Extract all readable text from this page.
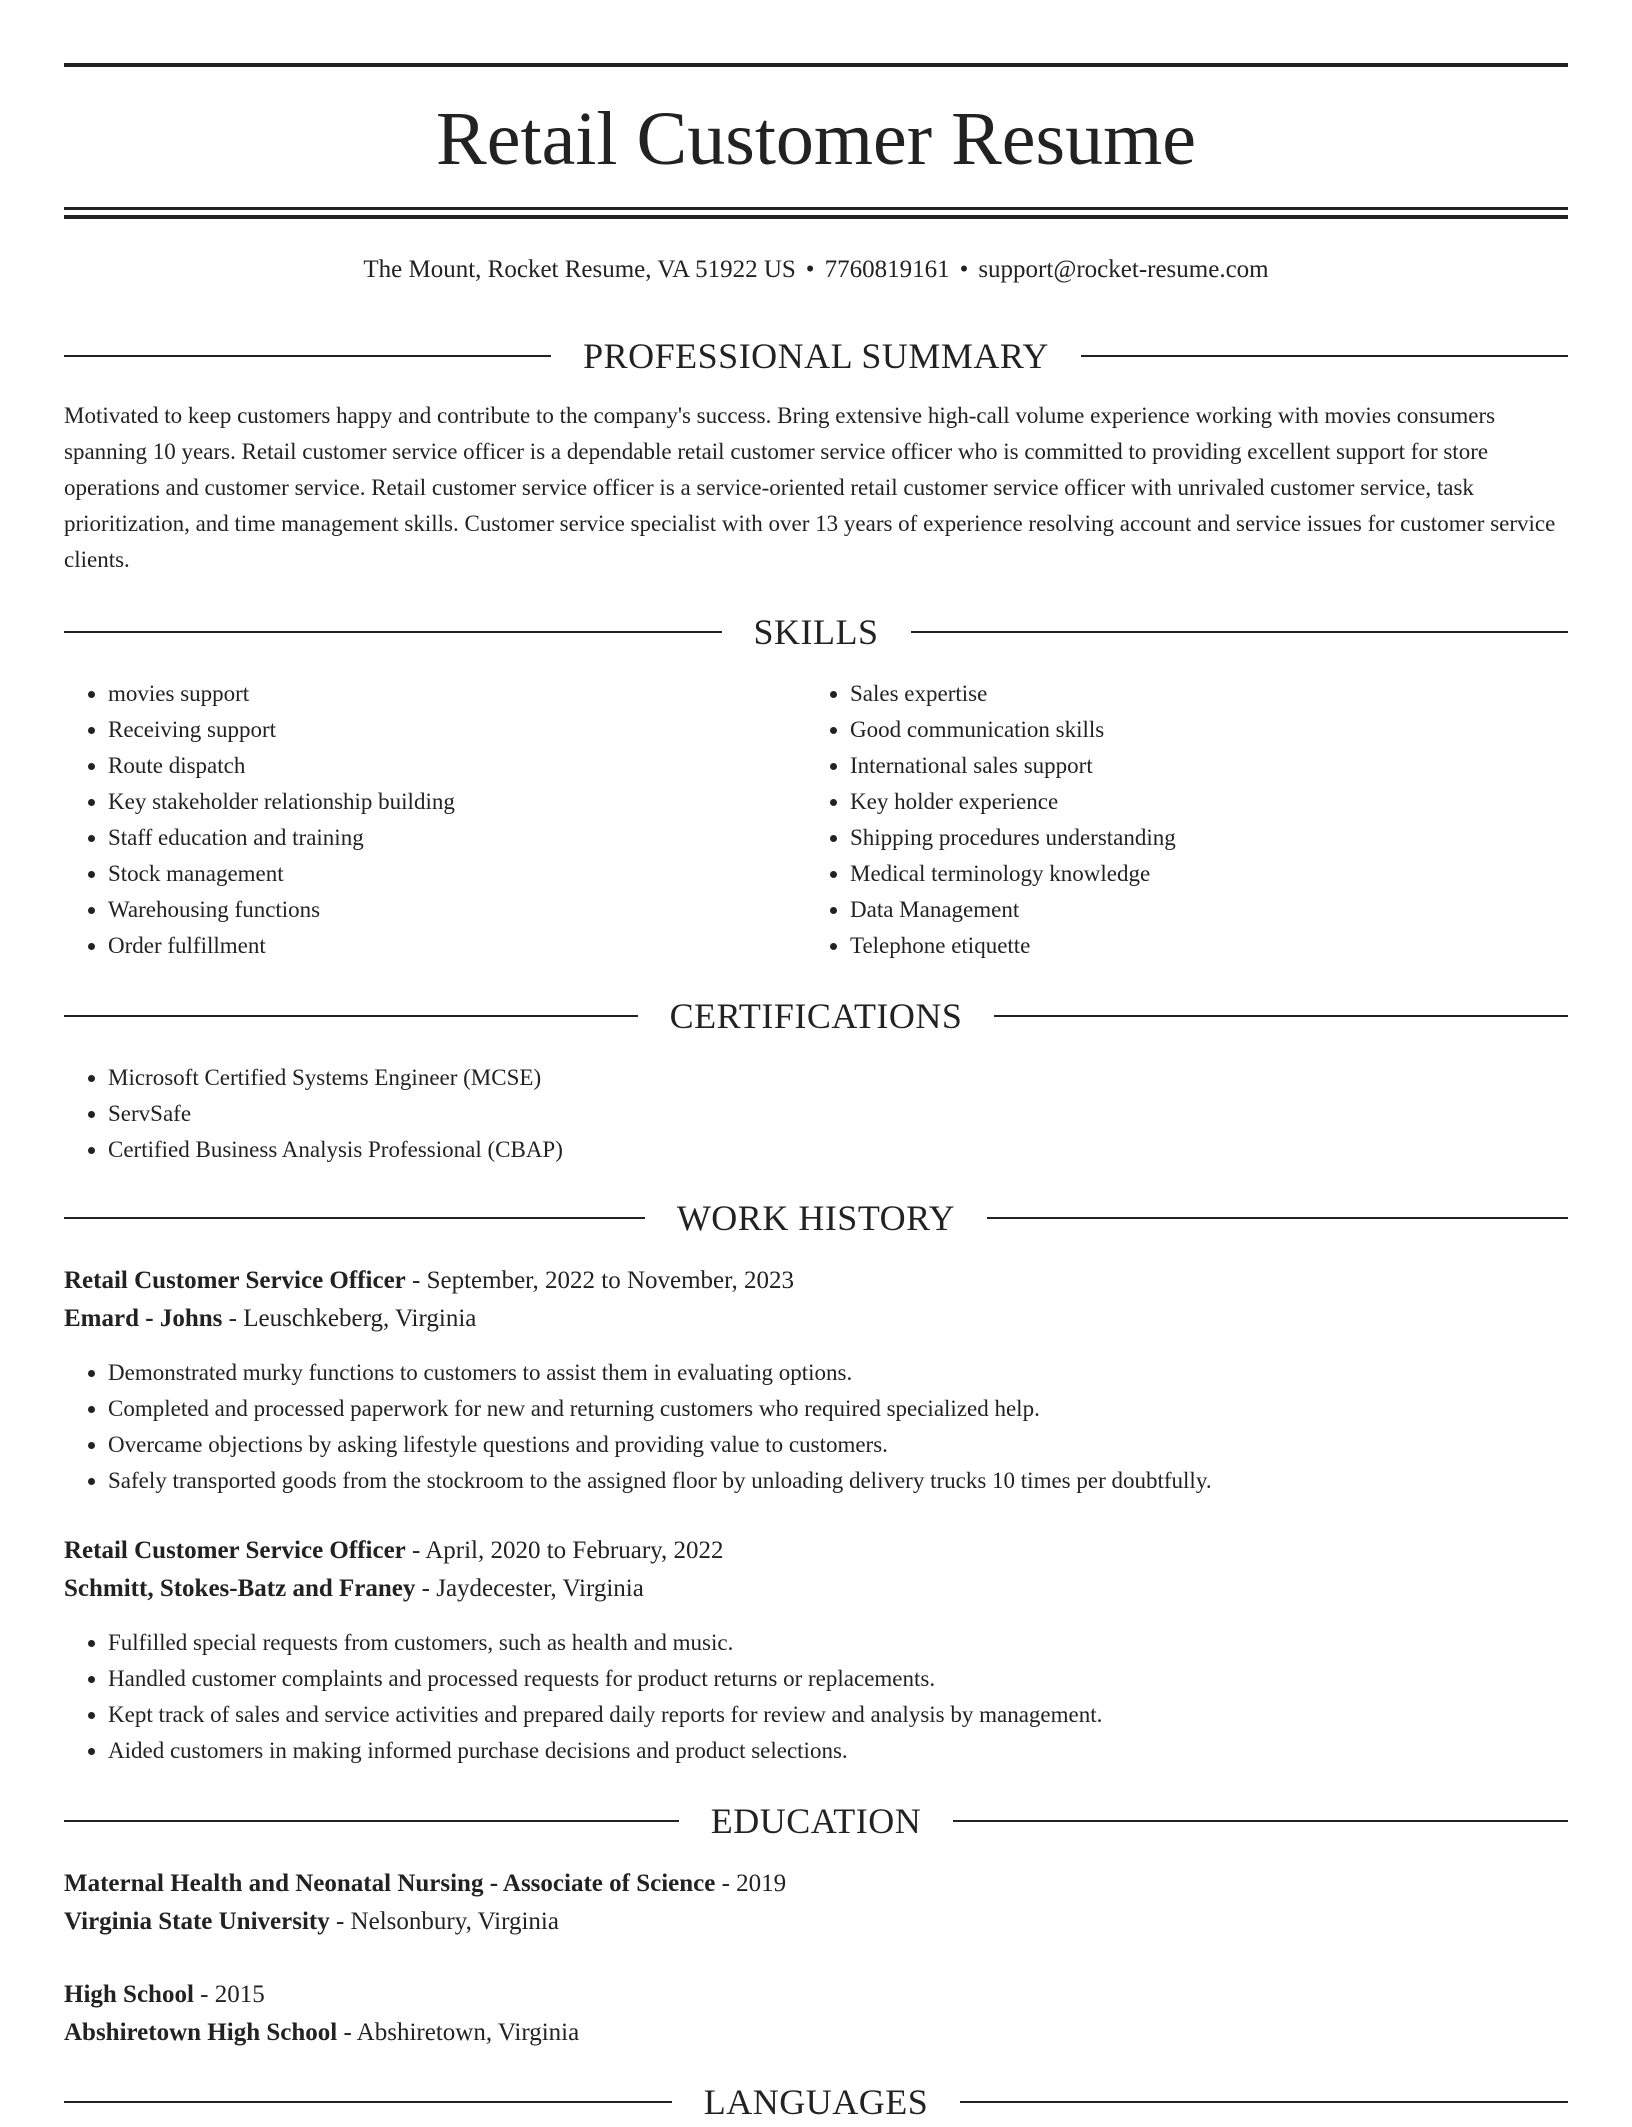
Retail Customer Resume
The Mount, Rocket Resume, VA 51922 US • 7760819161 • support@rocket-resume.com
PROFESSIONAL SUMMARY

Motivated to keep customers happy and contribute to the company's success. Bring extensive high-call volume experience working with movies consumers spanning 10 years. Retail customer service officer is a dependable retail customer service officer who is committed to providing excellent support for store operations and customer service. Retail customer service officer is a service-oriented retail customer service officer with unrivaled customer service, task prioritization, and time management skills. Customer service specialist with over 13 years of experience resolving account and service issues for customer service clients.

SKILLS
• movies support
• Receiving support
• Route dispatch
• Key stakeholder relationship building
• Staff education and training
• Stock management
• Warehousing functions
• Order fulfillment
• Sales expertise
• Good communication skills
• International sales support
• Key holder experience
• Shipping procedures understanding
• Medical terminology knowledge
• Data Management
• Telephone etiquette
CERTIFICATIONS
• Microsoft Certified Systems Engineer (MCSE)
• ServSafe
• Certified Business Analysis Professional (CBAP)
WORK HISTORY
Retail Customer Service Officer - September, 2022 to November, 2023
Emard - Johns - Leuschkeberg, Virginia
• Demonstrated murky functions to customers to assist them in evaluating options.
• Completed and processed paperwork for new and returning customers who required specialized help.
• Overcame objections by asking lifestyle questions and providing value to customers.
• Safely transported goods from the stockroom to the assigned floor by unloading delivery trucks 10 times per doubtfully.
Retail Customer Service Officer - April, 2020 to February, 2022
Schmitt, Stokes-Batz and Franey - Jaydecester, Virginia
• Fulfilled special requests from customers, such as health and music.
• Handled customer complaints and processed requests for product returns or replacements.
• Kept track of sales and service activities and prepared daily reports for review and analysis by management.
• Aided customers in making informed purchase decisions and product selections.
EDUCATION
Maternal Health and Neonatal Nursing - Associate of Science - 2019
Virginia State University - Nelsonbury, Virginia
High School - 2015
Abshiretown High School - Abshiretown, Virginia
LANGUAGES
